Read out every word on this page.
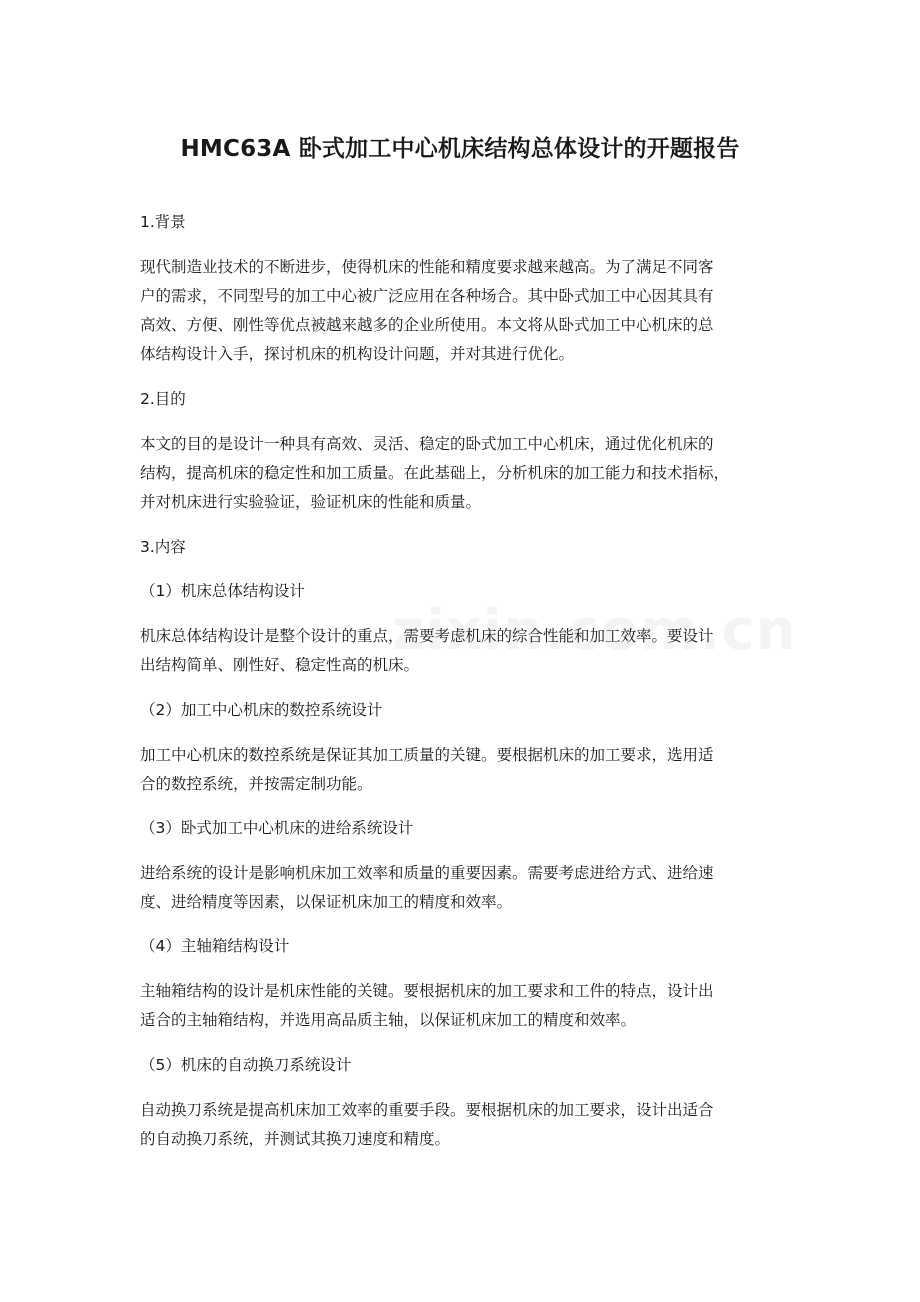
HMC63A 卧式加工中心机床结构总体设计的开题报告
1.背景
现代制造业技术的不断进步，使得机床的性能和精度要求越来越高。为了满足不同客
户的需求，不同型号的加工中心被广泛应用在各种场合。其中卧式加工中心因其具有
高效、方便、刚性等优点被越来越多的企业所使用。本文将从卧式加工中心机床的总
体结构设计入手，探讨机床的机构设计问题，并对其进行优化。
2.目的
本文的目的是设计一种具有高效、灵活、稳定的卧式加工中心机床，通过优化机床的
结构，提高机床的稳定性和加工质量。在此基础上，分析机床的加工能力和技术指标，
并对机床进行实验验证，验证机床的性能和质量。
3.内容
（1）机床总体结构设计
机床总体结构设计是整个设计的重点，需要考虑机床的综合性能和加工效率。要设计
出结构简单、刚性好、稳定性高的机床。
（2）加工中心机床的数控系统设计
加工中心机床的数控系统是保证其加工质量的关键。要根据机床的加工要求，选用适
合的数控系统，并按需定制功能。
（3）卧式加工中心机床的进给系统设计
进给系统的设计是影响机床加工效率和质量的重要因素。需要考虑进给方式、进给速
度、进给精度等因素，以保证机床加工的精度和效率。
（4）主轴箱结构设计
主轴箱结构的设计是机床性能的关键。要根据机床的加工要求和工件的特点，设计出
适合的主轴箱结构，并选用高品质主轴，以保证机床加工的精度和效率。
（5）机床的自动换刀系统设计
自动换刀系统是提高机床加工效率的重要手段。要根据机床的加工要求，设计出适合
的自动换刀系统，并测试其换刀速度和精度。
